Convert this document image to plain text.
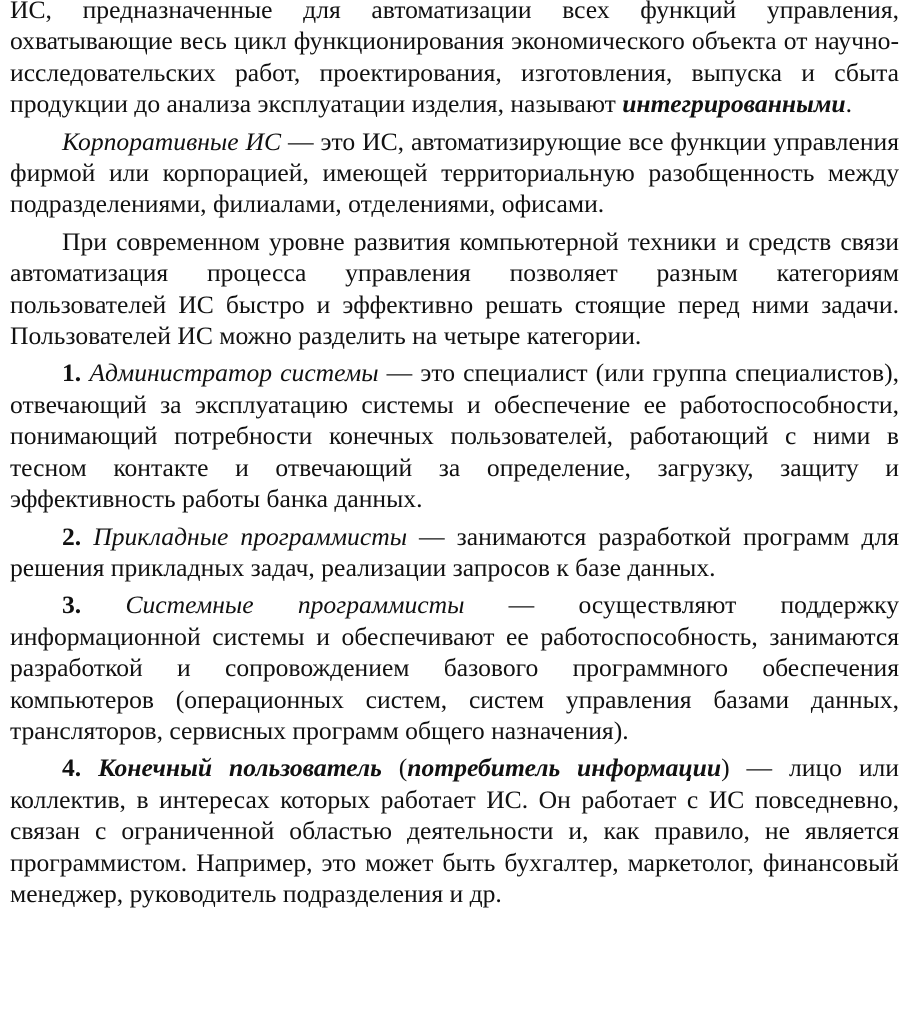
ИС, предназначенные для автоматизации всех функций управления, охватывающие весь цикл функционирования экономического объекта от научно-исследовательских работ, проектирования, изготовления, выпуска и сбыта продукции до анализа эксплуатации изделия, называют интегрированными.

Корпоративные ИС — это ИС, автоматизирующие все функции управления фирмой или корпорацией, имеющей территориальную разобщенность между подразделениями, филиалами, отделениями, офисами.

При современном уровне развития компьютерной техники и средств связи автоматизация процесса управления позволяет разным категориям пользователей ИС быстро и эффективно решать стоящие перед ними задачи. Пользователей ИС можно разделить на четыре категории.

1. Администратор системы — это специалист (или группа специалистов), отвечающий за эксплуатацию системы и обеспечение ее работоспособности, понимающий потребности конечных пользователей, работающий с ними в тесном контакте и отвечающий за определение, загрузку, защиту и эффективность работы банка данных.

2. Прикладные программисты — занимаются разработкой программ для решения прикладных задач, реализации запросов к базе данных.

3. Системные программисты — осуществляют поддержку информационной системы и обеспечивают ее работоспособность, занимаются разработкой и сопровождением базового программного обеспечения компьютеров (операционных систем, систем управления базами данных, трансляторов, сервисных программ общего назначения).

4. Конечный пользователь (потребитель информации) — лицо или коллектив, в интересах которых работает ИС. Он работает с ИС повседневно, связан с ограниченной областью деятельности и, как правило, не является программистом. Например, это может быть бухгалтер, маркетолог, финансовый менеджер, руководитель подразделения и др.
